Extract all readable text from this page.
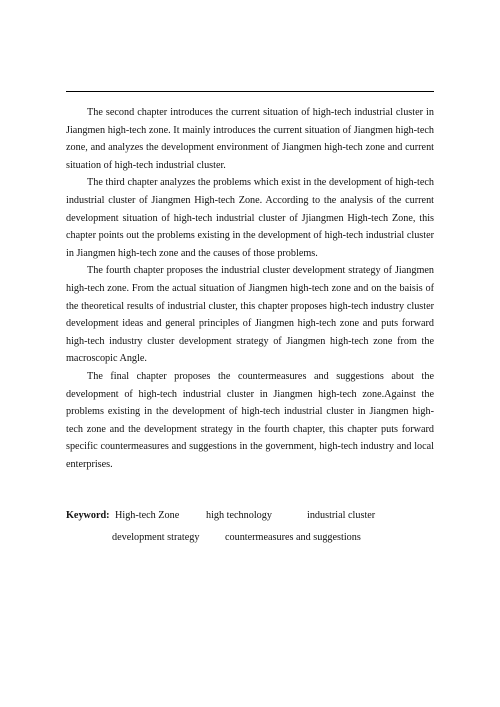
The second chapter introduces the current situation of high-tech industrial cluster in Jiangmen high-tech zone. It mainly introduces the current situation of Jiangmen high-tech zone, and analyzes the development environment of Jiangmen high-tech zone and current situation of high-tech industrial cluster.

The third chapter analyzes the problems which exist in the development of high-tech industrial cluster of Jiangmen High-tech Zone. According to the analysis of the current development situation of high-tech industrial cluster of Jjiangmen High-tech Zone, this chapter points out the problems existing in the development of high-tech industrial cluster in Jiangmen high-tech zone and the causes of those problems.

The fourth chapter proposes the industrial cluster development strategy of Jiangmen high-tech zone. From the actual situation of Jiangmen high-tech zone and on the baisis of the theoretical results of industrial cluster, this chapter proposes high-tech industry cluster development ideas and general principles of Jiangmen high-tech zone and puts forward high-tech industry cluster development strategy of Jiangmen high-tech zone from the macroscopic Angle.

The final chapter proposes the countermeasures and suggestions about the development of high-tech industrial cluster in Jiangmen high-tech zone.Against the problems existing in the development of high-tech industrial cluster in Jiangmen high-tech zone and the development strategy in the fourth chapter, this chapter puts forward specific countermeasures and suggestions in the government, high-tech industry and local enterprises.

Keyword: High-tech Zone	high technology	industrial cluster
development strategy	countermeasures and suggestions
